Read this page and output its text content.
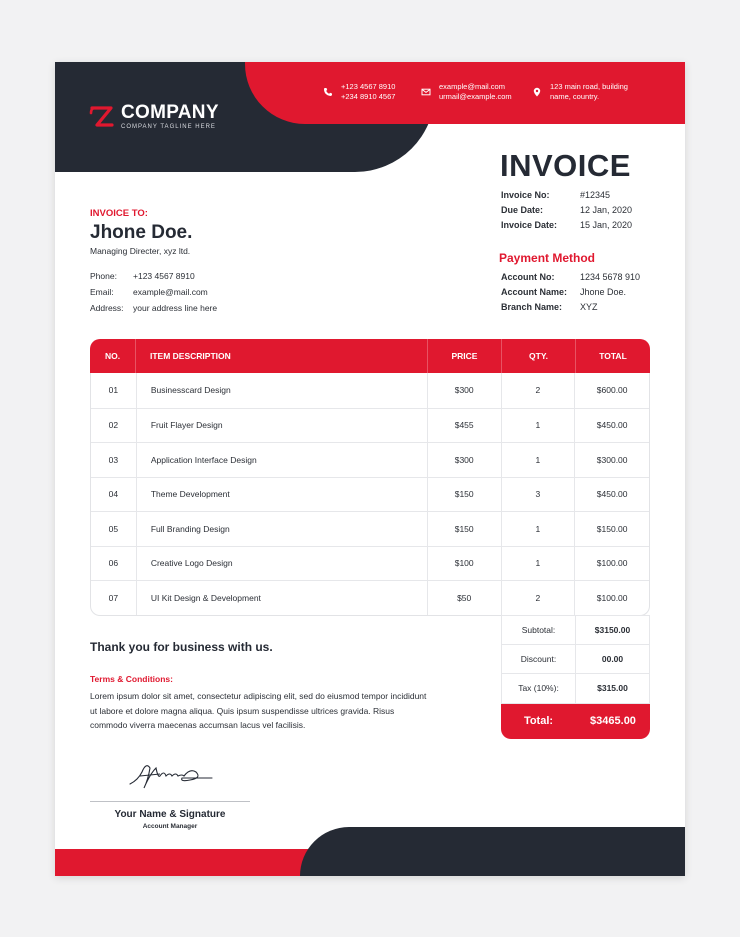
COMPANY
COMPANY TAGLINE HERE
+123 4567 8910
+234 8910 4567
example@mail.com
urmail@example.com
123 main road, building
name, country.
INVOICE
Invoice No:	#12345
Due Date:	12 Jan, 2020
Invoice Date:	15 Jan, 2020
INVOICE TO:
Jhone Doe.
Managing Directer, xyz ltd.
Phone:	+123 4567 8910
Email:	example@mail.com
Address:	your address line here
Payment Method
Account No:	1234 5678 910
Account Name:	Jhone Doe.
Branch Name:	XYZ
NO.	ITEM DESCRIPTION	PRICE	QTY.	TOTAL
01	Businesscard Design	$300	2	$600.00
02	Fruit Flayer Design	$455	1	$450.00
03	Application Interface Design	$300	1	$300.00
04	Theme Development	$150	3	$450.00
05	Full Branding Design	$150	1	$150.00
06	Creative Logo Design	$100	1	$100.00
07	UI Kit Design & Development	$50	2	$100.00
Subtotal:	$3150.00
Discount:	00.00
Tax (10%):	$315.00
Total:	$3465.00
Thank you for business with us.
Terms & Conditions:
Lorem ipsum dolor sit amet, consectetur adipiscing elit, sed do eiusmod tempor incididunt ut labore et dolore magna aliqua. Quis ipsum suspendisse ultrices gravida. Risus commodo viverra maecenas accumsan lacus vel facilisis.
Your Name & Signature
Account Manager
